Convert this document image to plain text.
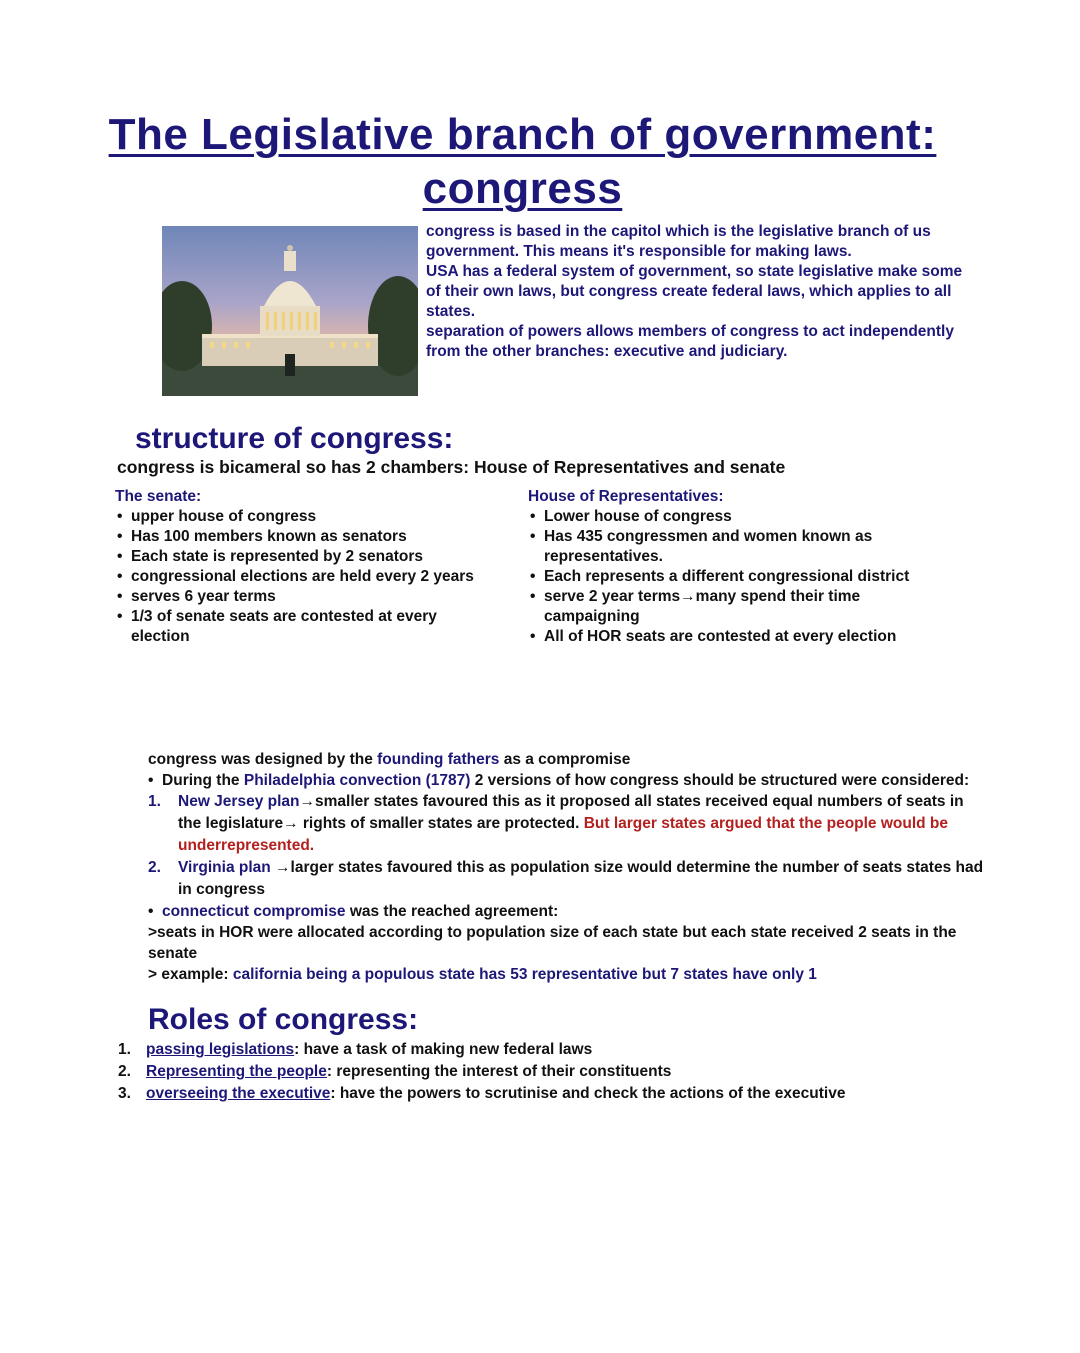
The Legislative branch of government:
congress

congress is based in the capitol which is the legislative branch of us government. This means it's responsible for making laws.

USA has a federal system of government, so state legislative make some of their own laws, but congress create federal laws, which applies to all states.

separation of powers allows members of congress to act independently from the other branches: executive and judiciary.

structure of congress:
congress is bicameral so has 2 chambers: House of Representatives and senate
The senate:
• upper house of congress
• Has 100 members known as senators
• Each state is represented by 2 senators
• congressional elections are held every 2 years
• serves 6 year terms
• 1/3 of senate seats are contested at every election
House of Representatives:
• Lower house of congress
• Has 435 congressmen and women known as representatives.
• Each represents a different congressional district
• serve 2 year terms→many spend their time campaigning
• All of HOR seats are contested at every election

congress was designed by the founding fathers as a compromise

•  During the Philadelphia convection (1787) 2 versions of how congress should be structured were considered:

1. New Jersey plan→smaller states favoured this as it proposed all states received equal numbers of seats in the legislature→ rights of smaller states are protected. But larger states argued that the people would be underrepresented.

2. Virginia plan →larger states favoured this as population size would determine the number of seats states had in congress

•  connecticut compromise was the reached agreement:

>seats in HOR were allocated according to population size of each state but each state received 2 seats in the senate

> example: california being a populous state has 53 representative but 7 states have only 1

Roles of congress:
1. passing legislations: have a task of making new federal laws
2. Representing the people: representing the interest of their constituents
3. overseeing the executive: have the powers to scrutinise and check the actions of the executive
